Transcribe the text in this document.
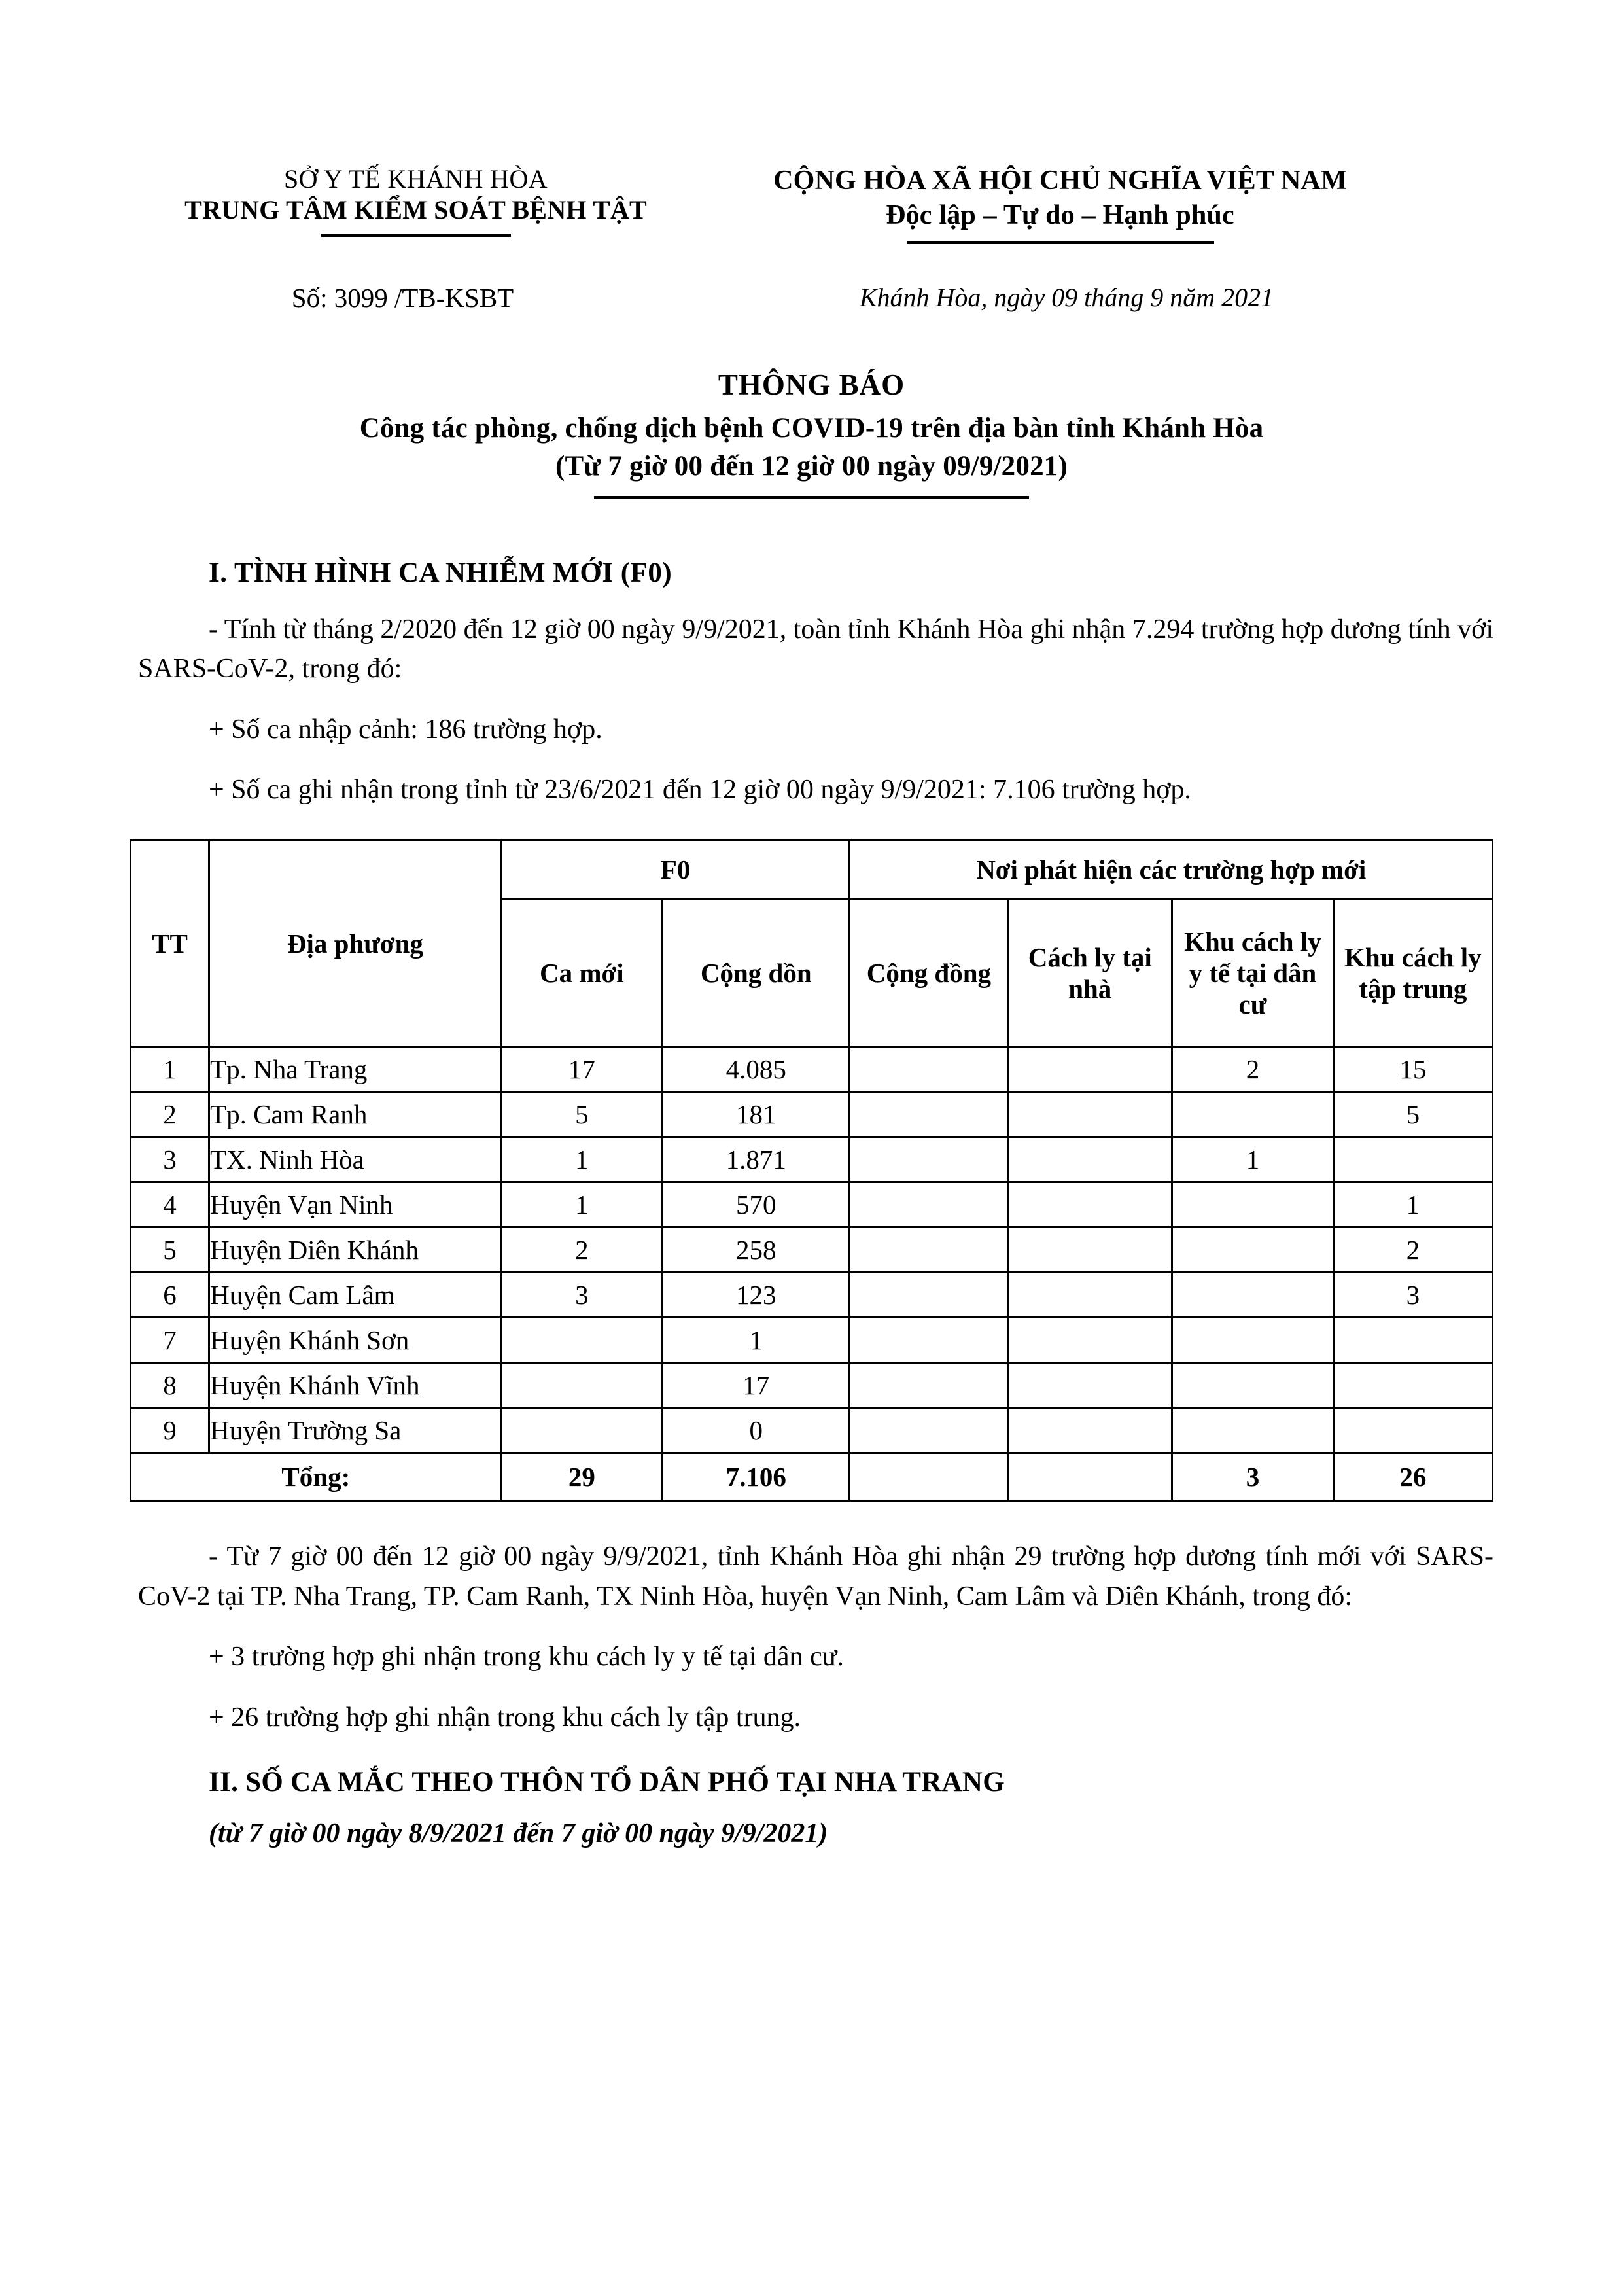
SỞ Y TẾ KHÁNH HÒA
TRUNG TÂM KIỂM SOÁT BỆNH TẬT
CỘNG HÒA XÃ HỘI CHỦ NGHĨA VIỆT NAM
Độc lập – Tự do – Hạnh phúc
Số: 3099 /TB-KSBT	Khánh Hòa, ngày 09 tháng 9 năm 2021
THÔNG BÁO
Công tác phòng, chống dịch bệnh COVID-19 trên địa bàn tỉnh Khánh Hòa
(Từ 7 giờ 00 đến 12 giờ 00 ngày 09/9/2021)
I. TÌNH HÌNH CA NHIỄM MỚI (F0)
- Tính từ tháng 2/2020 đến 12 giờ 00 ngày 9/9/2021, toàn tỉnh Khánh Hòa ghi nhận 7.294 trường hợp dương tính với SARS-CoV-2, trong đó:
+ Số ca nhập cảnh: 186 trường hợp.
+ Số ca ghi nhận trong tỉnh từ 23/6/2021 đến 12 giờ 00 ngày 9/9/2021: 7.106 trường hợp.
TT	Địa phương	F0		Nơi phát hiện các trường hợp mới			
		Ca mới	Cộng dồn	Cộng đồng	Cách ly tại nhà	Khu cách ly y tế tại dân cư	Khu cách ly tập trung
1	Tp. Nha Trang	17	4.085			2	15
2	Tp. Cam Ranh	5	181				5
3	TX. Ninh Hòa	1	1.871			1	
4	Huyện Vạn Ninh	1	570				1
5	Huyện Diên Khánh	2	258				2
6	Huyện Cam Lâm	3	123				3
7	Huyện Khánh Sơn		1				
8	Huyện Khánh Vĩnh		17				
9	Huyện Trường Sa		0				
Tổng:		29	7.106			3	26
- Từ 7 giờ 00 đến 12 giờ 00 ngày 9/9/2021, tỉnh Khánh Hòa ghi nhận 29 trường hợp dương tính mới với SARS-CoV-2 tại TP. Nha Trang, TP. Cam Ranh, TX Ninh Hòa, huyện Vạn Ninh, Cam Lâm và Diên Khánh, trong đó:
+ 3 trường hợp ghi nhận trong khu cách ly y tế tại dân cư.
+ 26 trường hợp ghi nhận trong khu cách ly tập trung.
II. SỐ CA MẮC THEO THÔN TỔ DÂN PHỐ TẠI NHA TRANG
(từ 7 giờ 00 ngày 8/9/2021 đến 7 giờ 00 ngày 9/9/2021)
